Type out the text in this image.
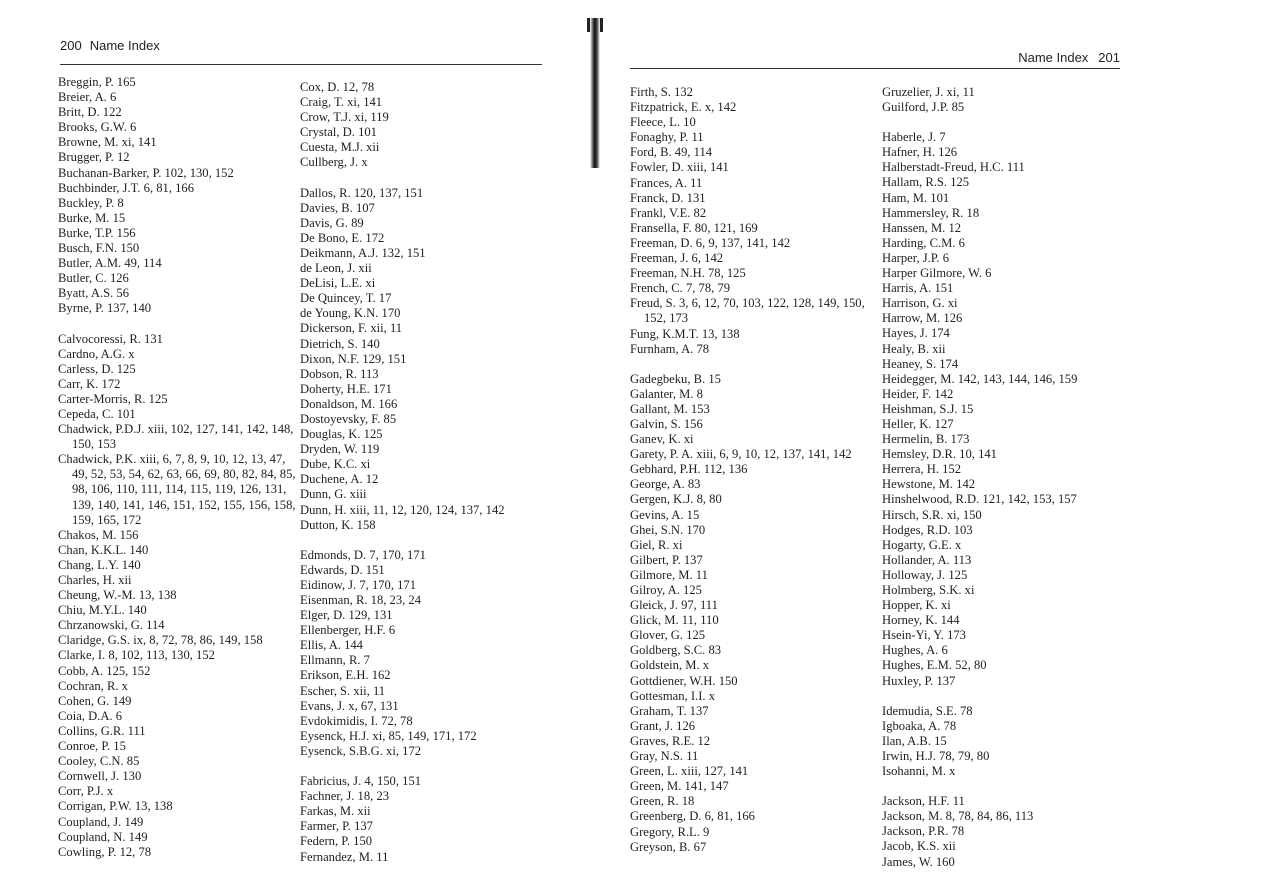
200 Name Index
Breggin, P. 165
Breier, A. 6
Britt, D. 122
Brooks, G.W. 6
Browne, M. xi, 141
Brugger, P. 12
Buchanan-Barker, P. 102, 130, 152
Buchbinder, J.T. 6, 81, 166
Buckley, P. 8
Burke, M. 15
Burke, T.P. 156
Busch, F.N. 150
Butler, A.M. 49, 114
Butler, C. 126
Byatt, A.S. 56
Byrne, P. 137, 140
Calvocoressi, R. 131
Cardno, A.G. x
Carless, D. 125
Carr, K. 172
Carter-Morris, R. 125
Cepeda, C. 101
Chadwick, P.D.J. xiii, 102, 127, 141, 142, 148, 150, 153
Chadwick, P.K. xiii, 6, 7, 8, 9, 10, 12, 13, 47, 49, 52, 53, 54, 62, 63, 66, 69, 80, 82, 84, 85, 98, 106, 110, 111, 114, 115, 119, 126, 131, 139, 140, 141, 146, 151, 152, 155, 156, 158, 159, 165, 172
Chakos, M. 156
Chan, K.K.L. 140
Chang, L.Y. 140
Charles, H. xii
Cheung, W.-M. 13, 138
Chiu, M.Y.L. 140
Chrzanowski, G. 114
Claridge, G.S. ix, 8, 72, 78, 86, 149, 158
Clarke, I. 8, 102, 113, 130, 152
Cobb, A. 125, 152
Cochran, R. x
Cohen, G. 149
Coia, D.A. 6
Collins, G.R. 111
Conroe, P. 15
Cooley, C.N. 85
Cornwell, J. 130
Corr, P.J. x
Corrigan, P.W. 13, 138
Coupland, J. 149
Coupland, N. 149
Cowling, P. 12, 78
Cox, D. 12, 78
Craig, T. xi, 141
Crow, T.J. xi, 119
Crystal, D. 101
Cuesta, M.J. xii
Cullberg, J. x
Dallos, R. 120, 137, 151
Davies, B. 107
Davis, G. 89
De Bono, E. 172
Deikmann, A.J. 132, 151
de Leon, J. xii
DeLisi, L.E. xi
De Quincey, T. 17
de Young, K.N. 170
Dickerson, F. xii, 11
Dietrich, S. 140
Dixon, N.F. 129, 151
Dobson, R. 113
Doherty, H.E. 171
Donaldson, M. 166
Dostoyevsky, F. 85
Douglas, K. 125
Dryden, W. 119
Dube, K.C. xi
Duchene, A. 12
Dunn, G. xiii
Dunn, H. xiii, 11, 12, 120, 124, 137, 142
Dutton, K. 158
Edmonds, D. 7, 170, 171
Edwards, D. 151
Eidinow, J. 7, 170, 171
Eisenman, R. 18, 23, 24
Elger, D. 129, 131
Ellenberger, H.F. 6
Ellis, A. 144
Ellmann, R. 7
Erikson, E.H. 162
Escher, S. xii, 11
Evans, J. x, 67, 131
Evdokimidis, I. 72, 78
Eysenck, H.J. xi, 85, 149, 171, 172
Eysenck, S.B.G. xi, 172
Fabricius, J. 4, 150, 151
Fachner, J. 18, 23
Farkas, M. xii
Farmer, P. 137
Federn, P. 150
Fernandez, M. 11
Name Index 201
Firth, S. 132
Fitzpatrick, E. x, 142
Fleece, L. 10
Fonaghy, P. 11
Ford, B. 49, 114
Fowler, D. xiii, 141
Frances, A. 11
Franck, D. 131
Frankl, V.E. 82
Fransella, F. 80, 121, 169
Freeman, D. 6, 9, 137, 141, 142
Freeman, J. 6, 142
Freeman, N.H. 78, 125
French, C. 7, 78, 79
Freud, S. 3, 6, 12, 70, 103, 122, 128, 149, 150, 152, 173
Fung, K.M.T. 13, 138
Furnham, A. 78
Gadegbeku, B. 15
Galanter, M. 8
Gallant, M. 153
Galvin, S. 156
Ganev, K. xi
Garety, P. A. xiii, 6, 9, 10, 12, 137, 141, 142
Gebhard, P.H. 112, 136
George, A. 83
Gergen, K.J. 8, 80
Gevins, A. 15
Ghei, S.N. 170
Giel, R. xi
Gilbert, P. 137
Gilmore, M. 11
Gilroy, A. 125
Gleick, J. 97, 111
Glick, M. 11, 110
Glover, G. 125
Goldberg, S.C. 83
Goldstein, M. x
Gottdiener, W.H. 150
Gottesman, I.I. x
Graham, T. 137
Grant, J. 126
Graves, R.E. 12
Gray, N.S. 11
Green, L. xiii, 127, 141
Green, M. 141, 147
Green, R. 18
Greenberg, D. 6, 81, 166
Gregory, R.L. 9
Greyson, B. 67
Gruzelier, J. xi, 11
Guilford, J.P. 85
Haberle, J. 7
Hafner, H. 126
Halberstadt-Freud, H.C. 111
Hallam, R.S. 125
Ham, M. 101
Hammersley, R. 18
Hanssen, M. 12
Harding, C.M. 6
Harper, J.P. 6
Harper Gilmore, W. 6
Harris, A. 151
Harrison, G. xi
Harrow, M. 126
Hayes, J. 174
Healy, B. xii
Heaney, S. 174
Heidegger, M. 142, 143, 144, 146, 159
Heider, F. 142
Heishman, S.J. 15
Heller, K. 127
Hermelin, B. 173
Hemsley, D.R. 10, 141
Herrera, H. 152
Hewstone, M. 142
Hinshelwood, R.D. 121, 142, 153, 157
Hirsch, S.R. xi, 150
Hodges, R.D. 103
Hogarty, G.E. x
Hollander, A. 113
Holloway, J. 125
Holmberg, S.K. xi
Hopper, K. xi
Horney, K. 144
Hsein-Yi, Y. 173
Hughes, A. 6
Hughes, E.M. 52, 80
Huxley, P. 137
Idemudia, S.E. 78
Igboaka, A. 78
Ilan, A.B. 15
Irwin, H.J. 78, 79, 80
Isohanni, M. x
Jackson, H.F. 11
Jackson, M. 8, 78, 84, 86, 113
Jackson, P.R. 78
Jacob, K.S. xii
James, W. 160
